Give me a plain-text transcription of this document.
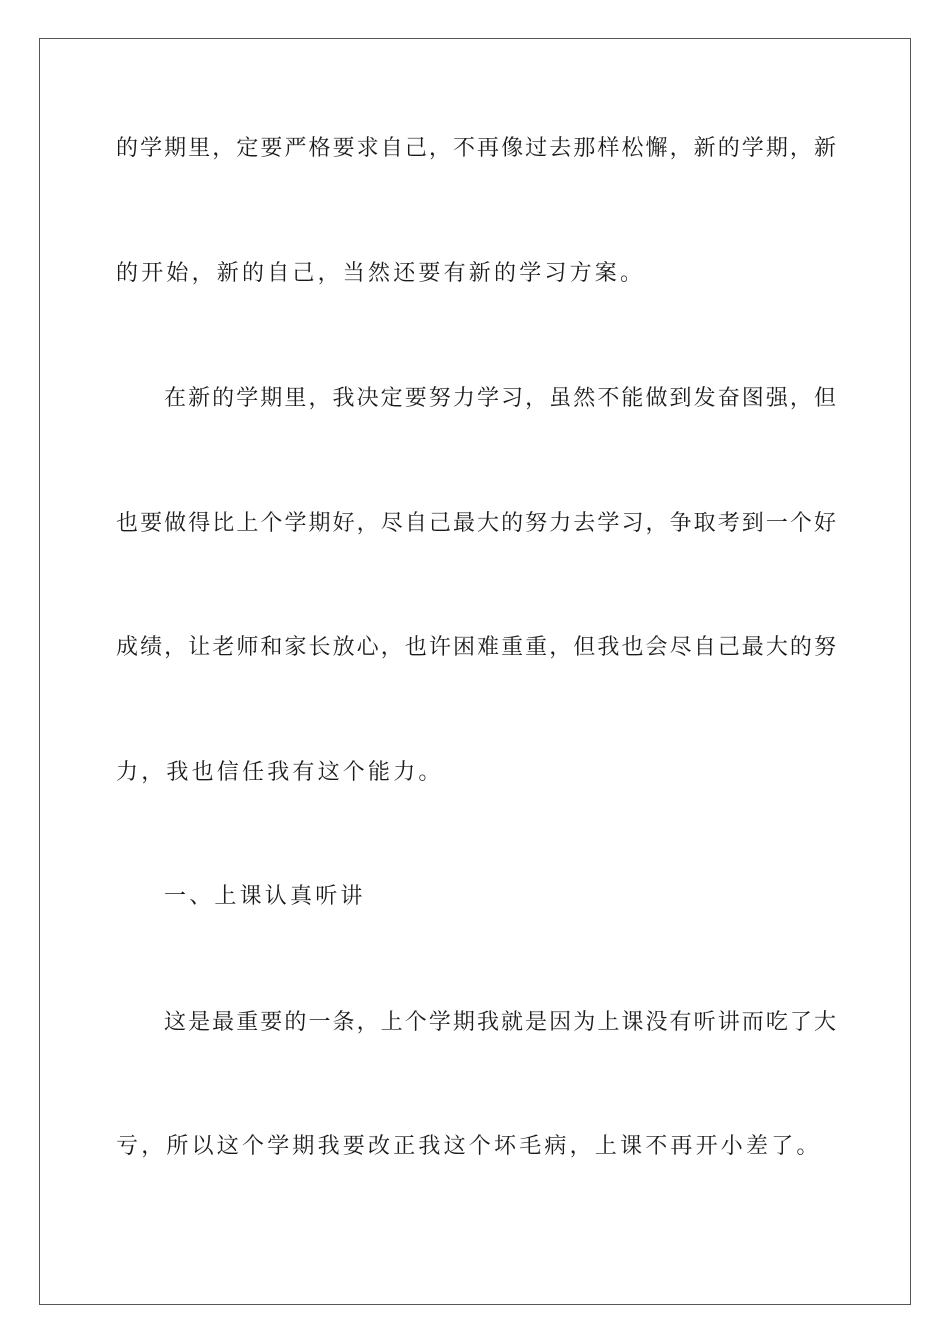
的学期里，定要严格要求自己，不再像过去那样松懈，新的学期，新
的开始，新的自己，当然还要有新的学习方案。
在新的学期里，我决定要努力学习，虽然不能做到发奋图强，但
也要做得比上个学期好，尽自己最大的努力去学习，争取考到一个好
成绩，让老师和家长放心，也许困难重重，但我也会尽自己最大的努
力，我也信任我有这个能力。
一、上课认真听讲
这是最重要的一条，上个学期我就是因为上课没有听讲而吃了大
亏，所以这个学期我要改正我这个坏毛病，上课不再开小差了。
